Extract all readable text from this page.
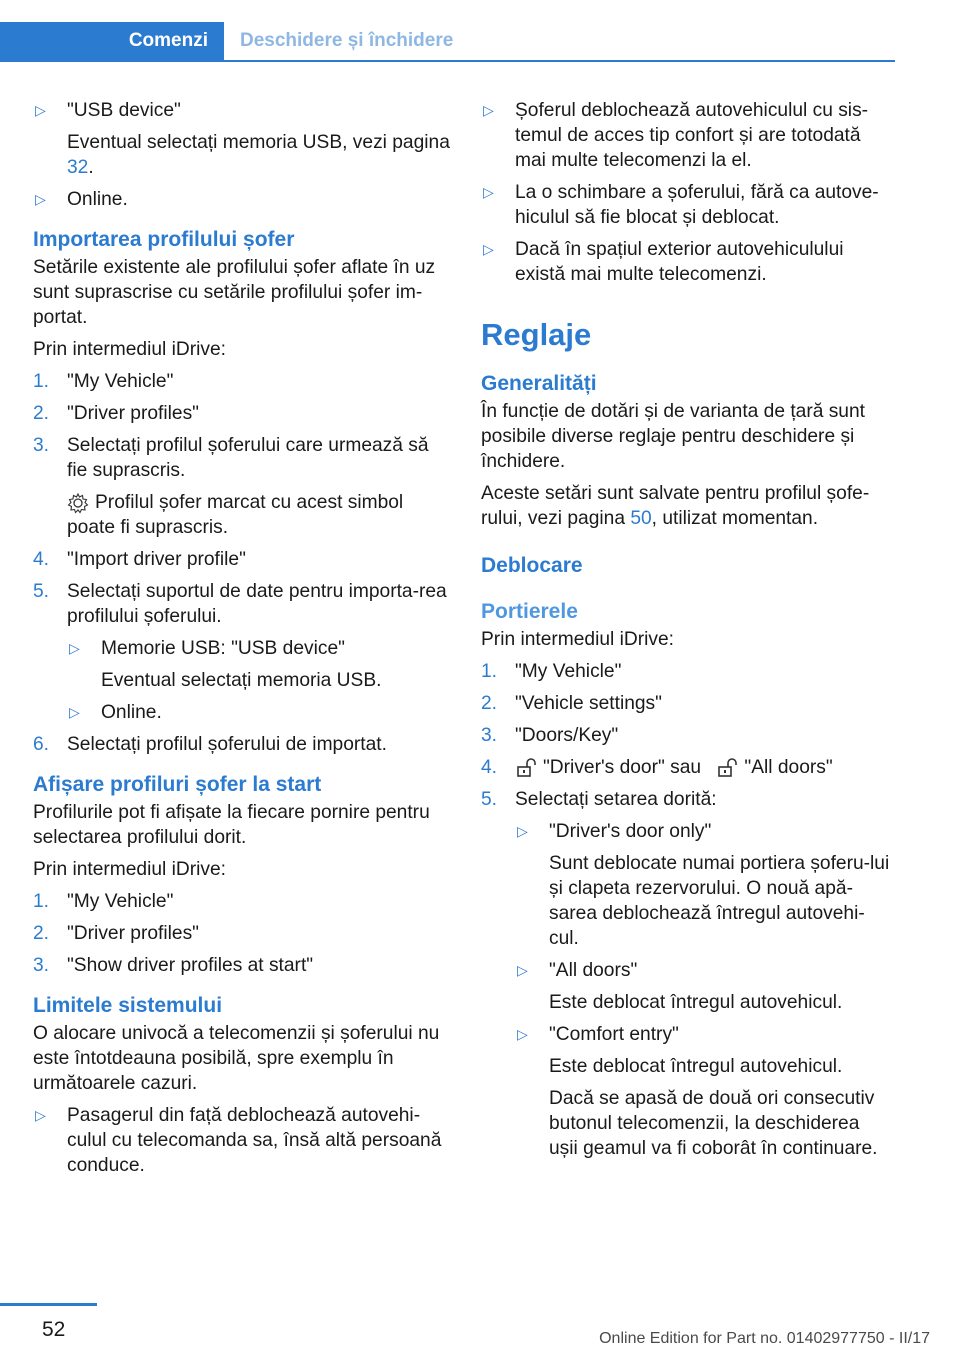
Comenzi Deschidere și închidere
▷ "USB device"
Eventual selectați memoria USB, vezi pagina 32.
▷ Online.
Importarea profilului șofer

Setările existente ale profilului șofer aflate în uz sunt suprascrise cu setările profilului șofer im‐portat.

Prin intermediul iDrive:

1. "My Vehicle"
2. "Driver profiles"
3. Selectați profilul șoferului care urmează să fie suprascris.
Profilul șofer marcat cu acest simbol poate fi suprascris.
4. "Import driver profile"
5. Selectați suportul de date pentru importa‐rea profilului șoferului.
▷ Memorie USB: "USB device"
Eventual selectați memoria USB.
▷ Online.
6. Selectați profilul șoferului de importat.
Afișare profiluri șofer la start

Profilurile pot fi afișate la fiecare pornire pentru selectarea profilului dorit.

Prin intermediul iDrive:

1. "My Vehicle"
2. "Driver profiles"
3. "Show driver profiles at start"
Limitele sistemului

O alocare univocă a telecomenzii și șoferului nu este întotdeauna posibilă, spre exemplu în următoarele cazuri.

▷ Pasagerul din față deblochează autovehi‐culul cu telecomanda sa, însă altă persoană conduce.
▷ Șoferul deblochează autovehiculul cu sis‐temul de acces tip confort și are totodată mai multe telecomenzi la el.
▷ La o schimbare a șoferului, fără ca autove‐hiculul să fie blocat și deblocat.
▷ Dacă în spațiul exterior autovehiculului există mai multe telecomenzi.
Reglaje
Generalități

În funcție de dotări și de varianta de țară sunt posibile diverse reglaje pentru deschidere și închidere.

Aceste setări sunt salvate pentru profilul șofe‐rului, vezi pagina 50, utilizat momentan.

Deblocare
Portierele

Prin intermediul iDrive:

1. "My Vehicle"
2. "Vehicle settings"
3. "Doors/Key"
4. "Driver's door" sau "All doors"
5. Selectați setarea dorită:
▷ "Driver's door only"
Sunt deblocate numai portiera șoferu‐lui și clapeta rezervorului. O nouă apă‐sarea deblochează întregul autovehi‐cul.
▷ "All doors"
Este deblocat întregul autovehicul.
▷ "Comfort entry"
Este deblocat întregul autovehicul.
Dacă se apasă de două ori consecutiv butonul telecomenzii, la deschiderea ușii geamul va fi coborât în continuare.
52	Online Edition for Part no. 01402977750 - II/17
